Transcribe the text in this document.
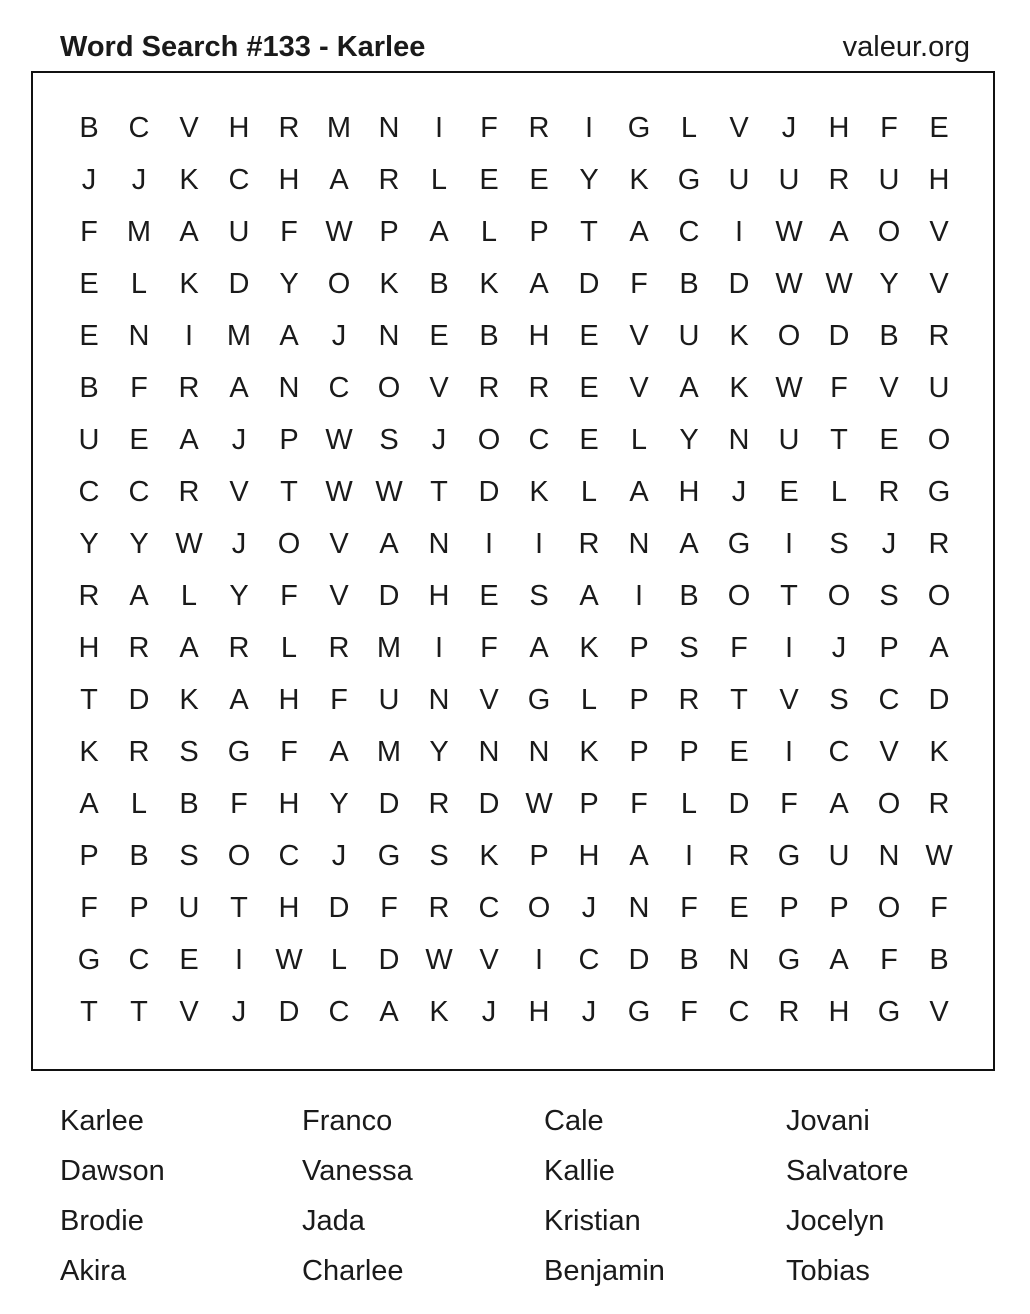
Word Search #133 - Karlee	valeur.org
B	C	V	H	R M N	I	F	R	I	G	L	V	J	H	F	E
J	J	K	C	H	A	R	L	E	E	Y	K	G U	U	R	U	H
F	M A	U	F W P	A	L	P	T	A	C	I	W A	O	V
E	L	K	D	Y	O	K	B	K	A	D	F	B	D W W Y	V
E	N	I	M A	J	N	E	B	H	E	V	U	K	O D	B	R
B	F	R	A	N	C O	V	R	R	E	V	A	K W F	V	U
U	E	A	J	P W S	J	O C	E	L	Y	N	U	T	E	O
C	C	R	V	T W W T	D	K	L	A	H	J	E	L	R G
Y	Y W	J	O	V	A	N	I	I	R	N	A	G	I	S	J	R
R	A	L	Y	F	V	D	H	E	S	A	I	B	O	T	O	S	O
H	R	A	R	L	R M	I	F	A	K	P	S	F	I	J	P	A
T	D	K	A	H	F	U	N	V	G	L	P	R	T	V	S	C	D
K	R	S	G	F	A M Y	N	N	K	P	P	E	I	C	V	K
A	L	B	F	H	Y	D	R	D W P	F	L	D	F	A	O R
P	B	S	O C	J	G	S	K	P	H	A	I	R G U	N W
F	P	U	T	H	D	F	R	C O	J	N	F	E	P	P	O	F
G C	E	I	W L	D W V	I	C	D	B	N G	A	F	B
T	T	V	J	D	C	A	K	J	H	J	G	F	C	R	H G	V
Karlee	Franco	Cale	Jovani
Dawson	Vanessa	Kallie	Salvatore
Brodie	Jada	Kristian	Jocelyn
Akira	Charlee	Benjamin	Tobias
